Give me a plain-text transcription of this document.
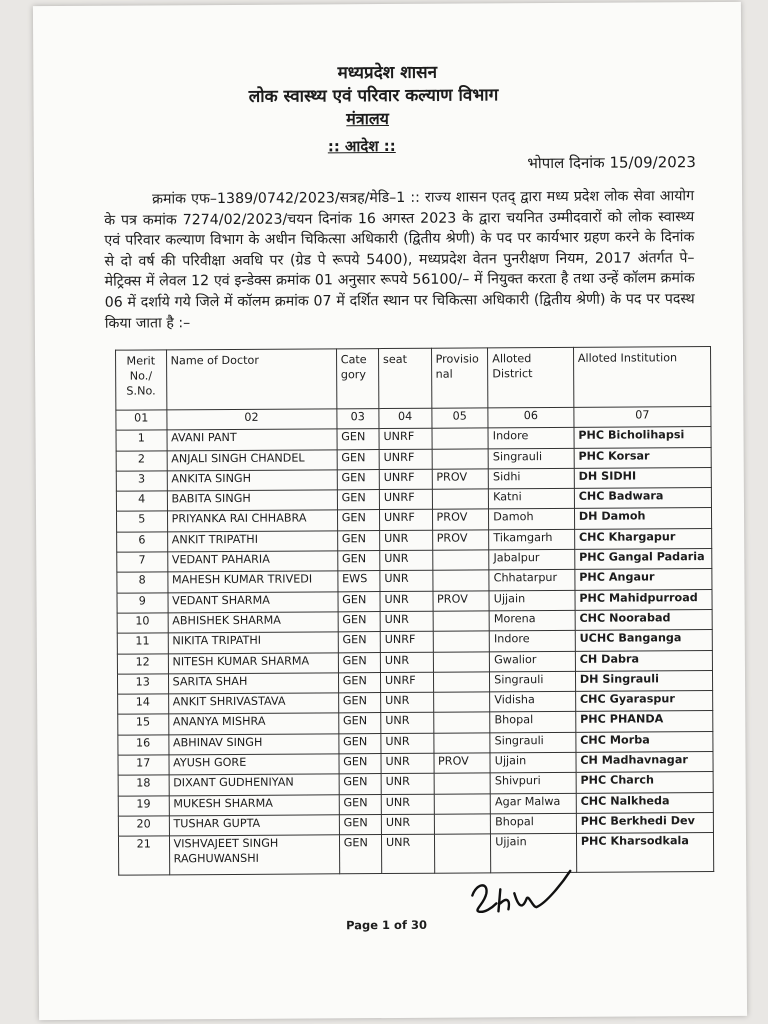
मध्यप्रदेश शासन
लोक स्वास्थ्य एवं परिवार कल्याण विभाग
मंत्रालय
:: आदेश ::
भोपाल दिनांक 15/09/2023
क्रमांक एफ–1389/0742/2023/सत्रह/मेडि–1 :: राज्य शासन एतद् द्वारा मध्य प्रदेश लोक सेवा आयोग के पत्र कमांक 7274/02/2023/चयन दिनांक 16 अगस्त 2023 के द्वारा चयनित उम्मीदवारों को लोक स्वास्थ्य एवं परिवार कल्याण विभाग के अधीन चिकित्सा अधिकारी (द्वितीय श्रेणी) के पद पर कार्यभार ग्रहण करने के दिनांक से दो वर्ष की परिवीक्षा अवधि पर (ग्रेड पे रूपये 5400), मध्यप्रदेश वेतन पुनरीक्षण नियम, 2017 अंतर्गत पे–मेट्रिक्स में लेवल 12 एवं इन्डेक्स क्रमांक 01 अनुसार रूपये 56100/– में नियुक्त करता है तथा उन्हें कॉलम क्रमांक 06 में दर्शाये गये जिले में कॉलम क्रमांक 07 में दर्शित स्थान पर चिकित्सा अधिकारी (द्वितीय श्रेणी) के पद पर पदस्थ किया जाता है :–
Merit No./ S.No.	Name of Doctor	Cate gory	seat	Provisio nal	Alloted District	Alloted Institution
01	02	03	04	05	06	07
1	AVANI PANT	GEN	UNRF		Indore	PHC Bicholihapsi
2	ANJALI SINGH CHANDEL	GEN	UNRF		Singrauli	PHC Korsar
3	ANKITA SINGH	GEN	UNRF	PROV	Sidhi	DH SIDHI
4	BABITA SINGH	GEN	UNRF		Katni	CHC Badwara
5	PRIYANKA RAI CHHABRA	GEN	UNRF	PROV	Damoh	DH Damoh
6	ANKIT TRIPATHI	GEN	UNR	PROV	Tikamgarh	CHC Khargapur
7	VEDANT PAHARIA	GEN	UNR		Jabalpur	PHC Gangal Padaria
8	MAHESH KUMAR TRIVEDI	EWS	UNR		Chhatarpur	PHC Angaur
9	VEDANT SHARMA	GEN	UNR	PROV	Ujjain	PHC Mahidpurroad
10	ABHISHEK SHARMA	GEN	UNR		Morena	CHC Noorabad
11	NIKITA TRIPATHI	GEN	UNRF		Indore	UCHC Banganga
12	NITESH KUMAR SHARMA	GEN	UNR		Gwalior	CH Dabra
13	SARITA SHAH	GEN	UNRF		Singrauli	DH Singrauli
14	ANKIT SHRIVASTAVA	GEN	UNR		Vidisha	CHC Gyaraspur
15	ANANYA MISHRA	GEN	UNR		Bhopal	PHC PHANDA
16	ABHINAV SINGH	GEN	UNR		Singrauli	CHC Morba
17	AYUSH GORE	GEN	UNR	PROV	Ujjain	CH Madhavnagar
18	DIXANT GUDHENIYAN	GEN	UNR		Shivpuri	PHC Charch
19	MUKESH SHARMA	GEN	UNR		Agar Malwa	CHC Nalkheda
20	TUSHAR GUPTA	GEN	UNR		Bhopal	PHC Berkhedi Dev
21	VISHVAJEET SINGH RAGHUWANSHI	GEN	UNR		Ujjain	PHC Kharsodkala
Page 1 of 30
